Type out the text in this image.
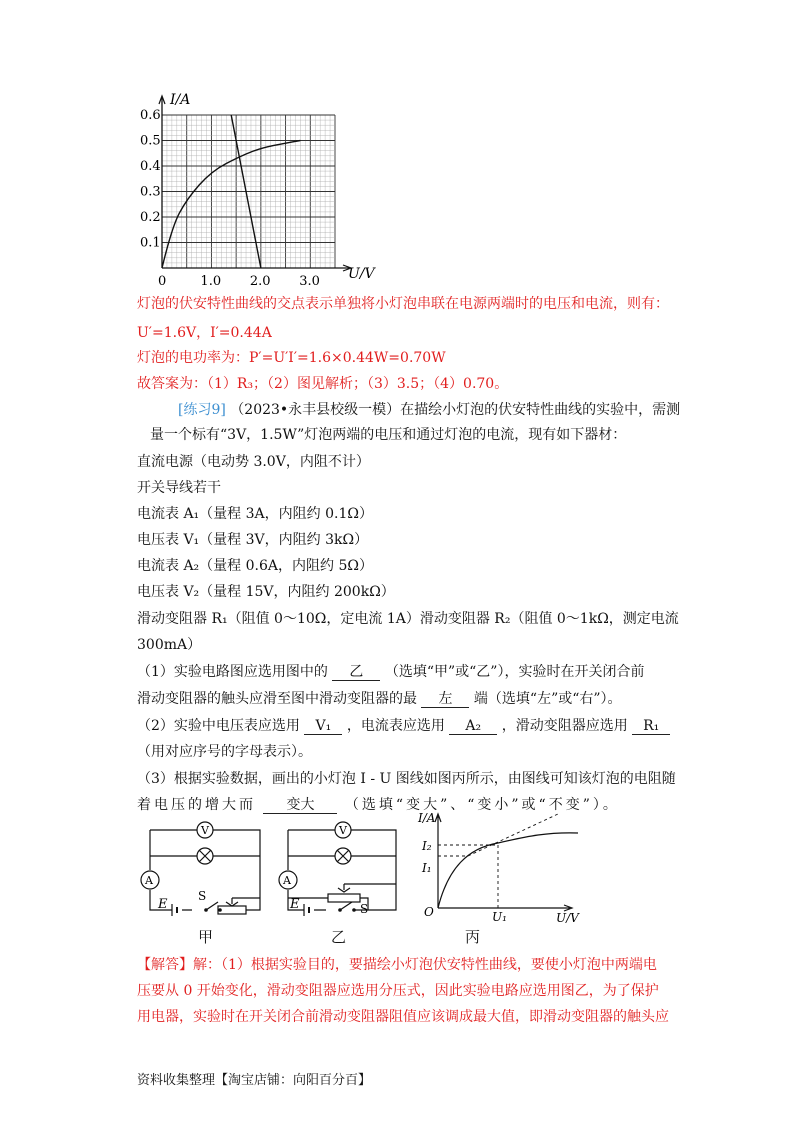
0.6
0.5
0.4
0.3
0.2
0.1
0	1.0 2.0 3.0
I/A
U/V
灯泡的伏安特性曲线的交点表示单独将小灯泡串联在电源两端时的电压和电流，则有：
U′=1.6V，I′=0.44A
灯泡的电功率为：P′=U′I′=1.6×0.44W=0.70W
故答案为：（1）R₃；（2）图见解析；（3）3.5；（4）0.70。
[练习9] （2023•永丰县校级一模）在描绘小灯泡的伏安特性曲线的实验中，需测
量一个标有“3V，1.5W”灯泡两端的电压和通过灯泡的电流，现有如下器材：
直流电源（电动势 3.0V，内阻不计）
开关导线若干
电流表 A₁（量程 3A，内阻约 0.1Ω）
电压表 V₁（量程 3V，内阻约 3kΩ）
电流表 A₂（量程 0.6A，内阻约 5Ω）
电压表 V₂（量程 15V，内阻约 200kΩ）
滑动变阻器 R₁（阻值 0～10Ω，定电流 1A）滑动变阻器 R₂（阻值 0～1kΩ，测定电流
300mA）
（1）实验电路图应选用图中的 乙 （选填“甲”或“乙”），实验时在开关闭合前
滑动变阻器的触头应滑至图中滑动变阻器的最 左 端（选填“左”或“右”）。
（2）实验中电压表应选用 V₁ ，电流表应选用 A₂ ，滑动变阻器应选用 R₁
（用对应序号的字母表示）。
（3）根据实验数据，画出的小灯泡 I - U 图线如图丙所示，由图线可知该灯泡的电阻随
着电压的增大而 变大 （选填“变大”、“变小”或“不变”）。
V
A
E
S
甲
V
A
E	S
乙
I/A
I₂
I₁
O	U₁	U/V
丙
【解答】解：（1）根据实验目的，要描绘小灯泡伏安特性曲线，要使小灯泡中两端电
压要从 0 开始变化，滑动变阻器应选用分压式，因此实验电路应选用图乙，为了保护
用电器，实验时在开关闭合前滑动变阻器阻值应该调成最大值，即滑动变阻器的触头应
资料收集整理【淘宝店铺：向阳百分百】
